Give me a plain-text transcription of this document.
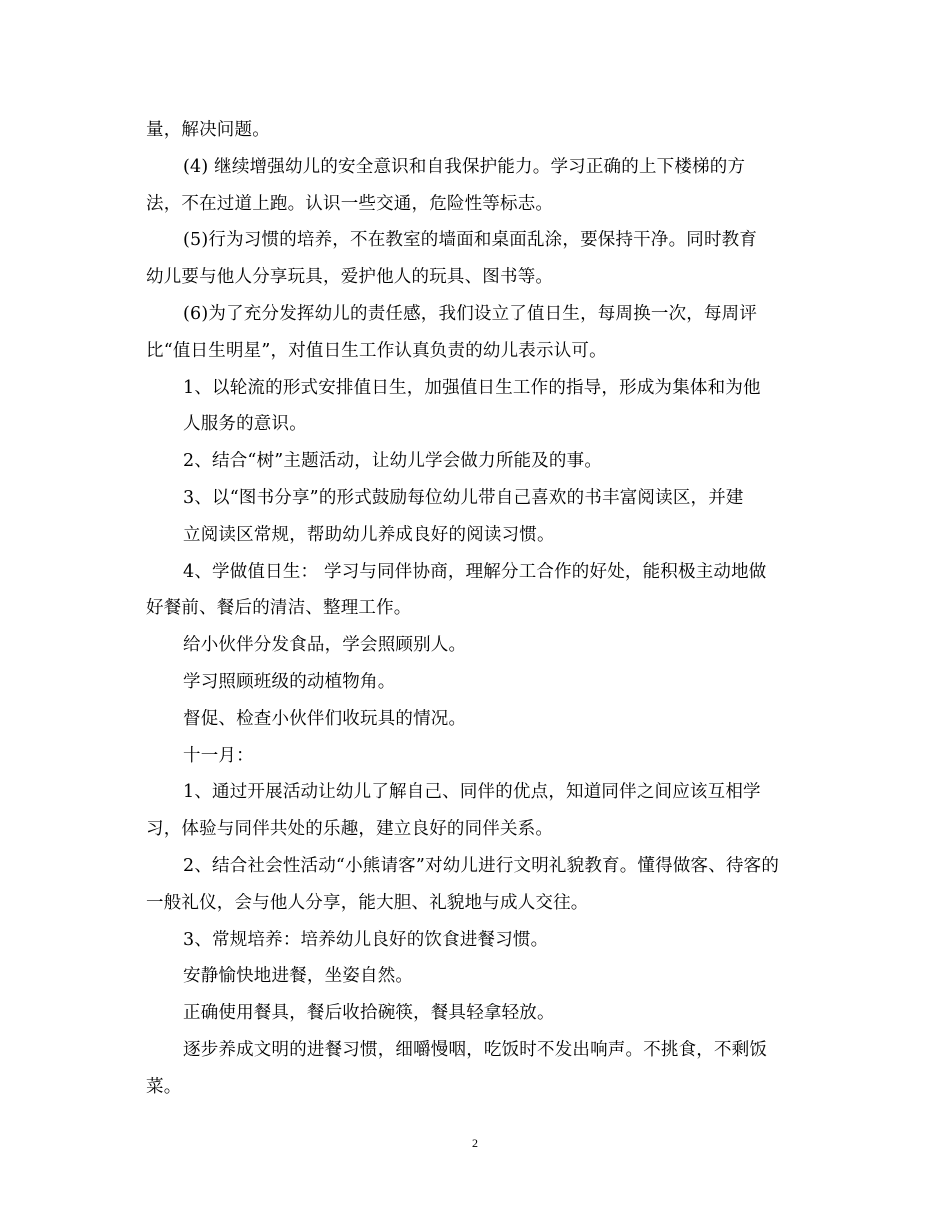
量，解决问题。
(4) 继续增强幼儿的安全意识和自我保护能力。学习正确的上下楼梯的方
法，不在过道上跑。认识一些交通，危险性等标志。
(5)行为习惯的培养，不在教室的墙面和桌面乱涂，要保持干净。同时教育
幼儿要与他人分享玩具，爱护他人的玩具、图书等。
(6)为了充分发挥幼儿的责任感，我们设立了值日生，每周换一次，每周评
比“值日生明星”，对值日生工作认真负责的幼儿表示认可。
1、以轮流的形式安排值日生，加强值日生工作的指导，形成为集体和为他
人服务的意识。
2、结合“树”主题活动，让幼儿学会做力所能及的事。
3、以“图书分享”的形式鼓励每位幼儿带自己喜欢的书丰富阅读区，并建
立阅读区常规，帮助幼儿养成良好的阅读习惯。
4、学做值日生： 学习与同伴协商，理解分工合作的好处，能积极主动地做
好餐前、餐后的清洁、整理工作。
给小伙伴分发食品，学会照顾别人。
学习照顾班级的动植物角。
督促、检查小伙伴们收玩具的情况。
十一月：
1、通过开展活动让幼儿了解自己、同伴的优点，知道同伴之间应该互相学
习，体验与同伴共处的乐趣，建立良好的同伴关系。
2、结合社会性活动“小熊请客”对幼儿进行文明礼貌教育。懂得做客、待客的
一般礼仪，会与他人分享，能大胆、礼貌地与成人交往。
3、常规培养：培养幼儿良好的饮食进餐习惯。
安静愉快地进餐，坐姿自然。
正确使用餐具，餐后收拾碗筷，餐具轻拿轻放。
逐步养成文明的进餐习惯，细嚼慢咽，吃饭时不发出响声。不挑食，不剩饭
菜。
2
